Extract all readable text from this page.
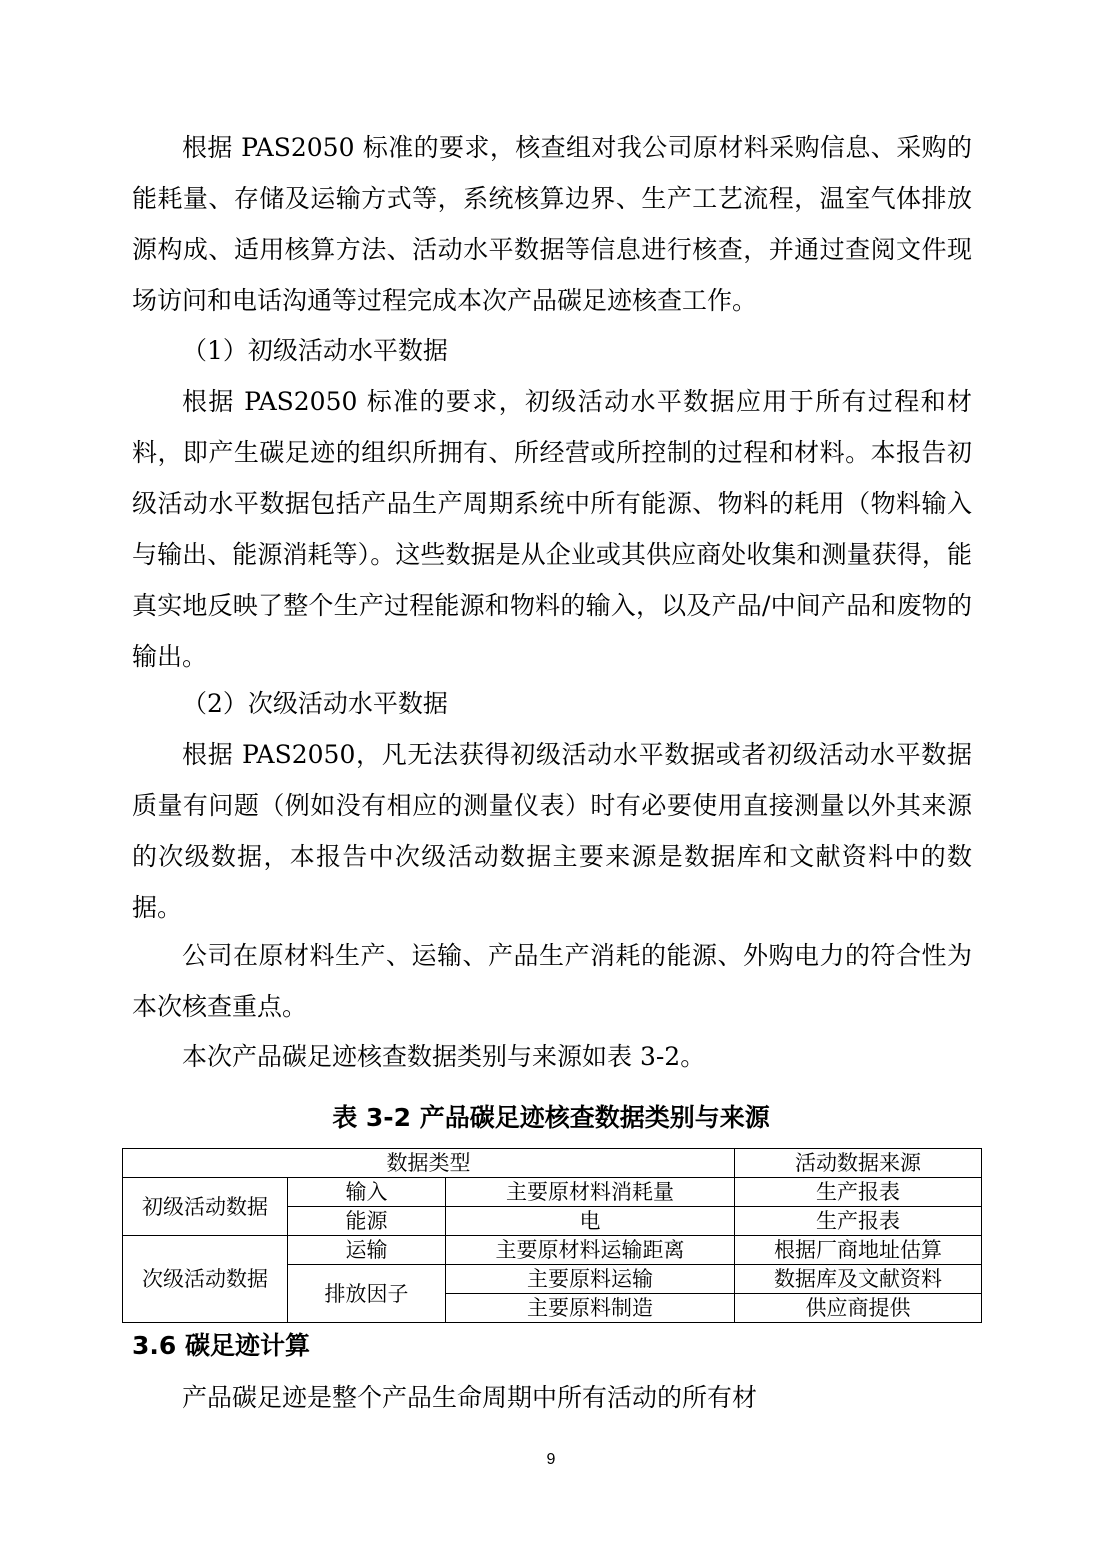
根据 PAS2050 标准的要求，核查组对我公司原材料采购信息、采购的能耗量、存储及运输方式等，系统核算边界、生产工艺流程，温室气体排放源构成、适用核算方法、活动水平数据等信息进行核查，并通过查阅文件现场访问和电话沟通等过程完成本次产品碳足迹核查工作。

（1）初级活动水平数据

根据 PAS2050 标准的要求，初级活动水平数据应用于所有过程和材料，即产生碳足迹的组织所拥有、所经营或所控制的过程和材料。本报告初级活动水平数据包括产品生产周期系统中所有能源、物料的耗用（物料输入与输出、能源消耗等）。这些数据是从企业或其供应商处收集和测量获得，能真实地反映了整个生产过程能源和物料的输入，以及产品/中间产品和废物的输出。

（2）次级活动水平数据

根据 PAS2050，凡无法获得初级活动水平数据或者初级活动水平数据质量有问题（例如没有相应的测量仪表）时有必要使用直接测量以外其来源的次级数据，本报告中次级活动数据主要来源是数据库和文献资料中的数据。

公司在原材料生产、运输、产品生产消耗的能源、外购电力的符合性为本次核查重点。

本次产品碳足迹核查数据类别与来源如表 3-2。

表 3-2 产品碳足迹核查数据类别与来源

数据类型			活动数据来源
初级活动数据	输入	主要原材料消耗量	生产报表
	能源	电	生产报表
次级活动数据	运输	主要原材料运输距离	根据厂商地址估算
	排放因子	主要原料运输	数据库及文献资料
		主要原料制造	供应商提供

3.6 碳足迹计算

产品碳足迹是整个产品生命周期中所有活动的所有材

9
